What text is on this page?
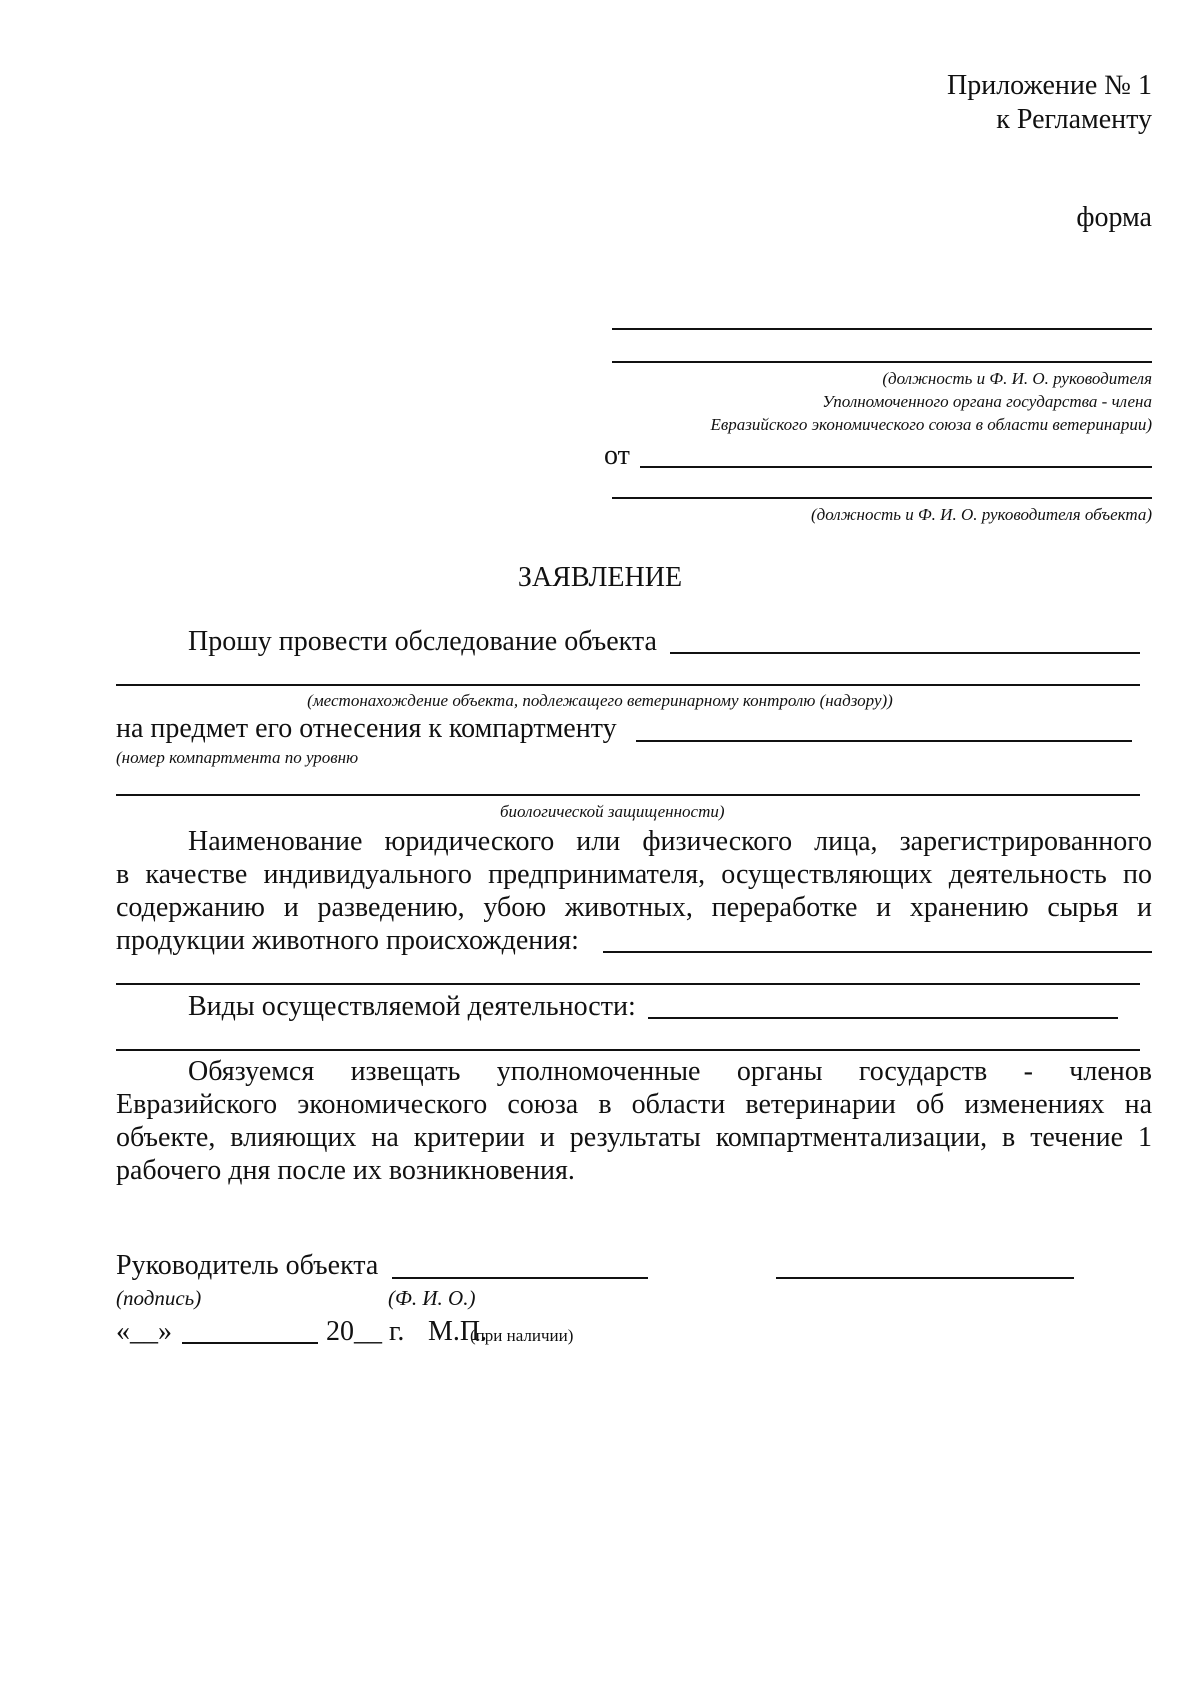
Приложение № 1
к Регламенту
форма
(должность и Ф. И. О. руководителя
Уполномоченного органа государства - члена
Евразийского экономического союза в области ветеринарии)
от
(должность и Ф. И. О. руководителя объекта)
ЗАЯВЛЕНИЕ
Прошу провести обследование объекта
(местонахождение объекта, подлежащего ветеринарному контролю (надзору))
на предмет его отнесения к компартменту
(номер компартмента по уровню
биологической защищенности)
Наименование юридического или физического лица, зарегистрированного
в качестве индивидуального предпринимателя, осуществляющих деятельность по
содержанию и разведению, убою животных, переработке и хранению сырья и
продукции животного происхождения:
Виды осуществляемой деятельности:
Обязуемся извещать уполномоченные органы государств - членов
Евразийского экономического союза в области ветеринарии об изменениях на
объекте, влияющих на критерии и результаты компартментализации, в течение 1
рабочего дня после их возникновения.
Руководитель объекта
(подпись)	(Ф. И. О.)
«__»	20__ г. М.П.
(при наличии)
